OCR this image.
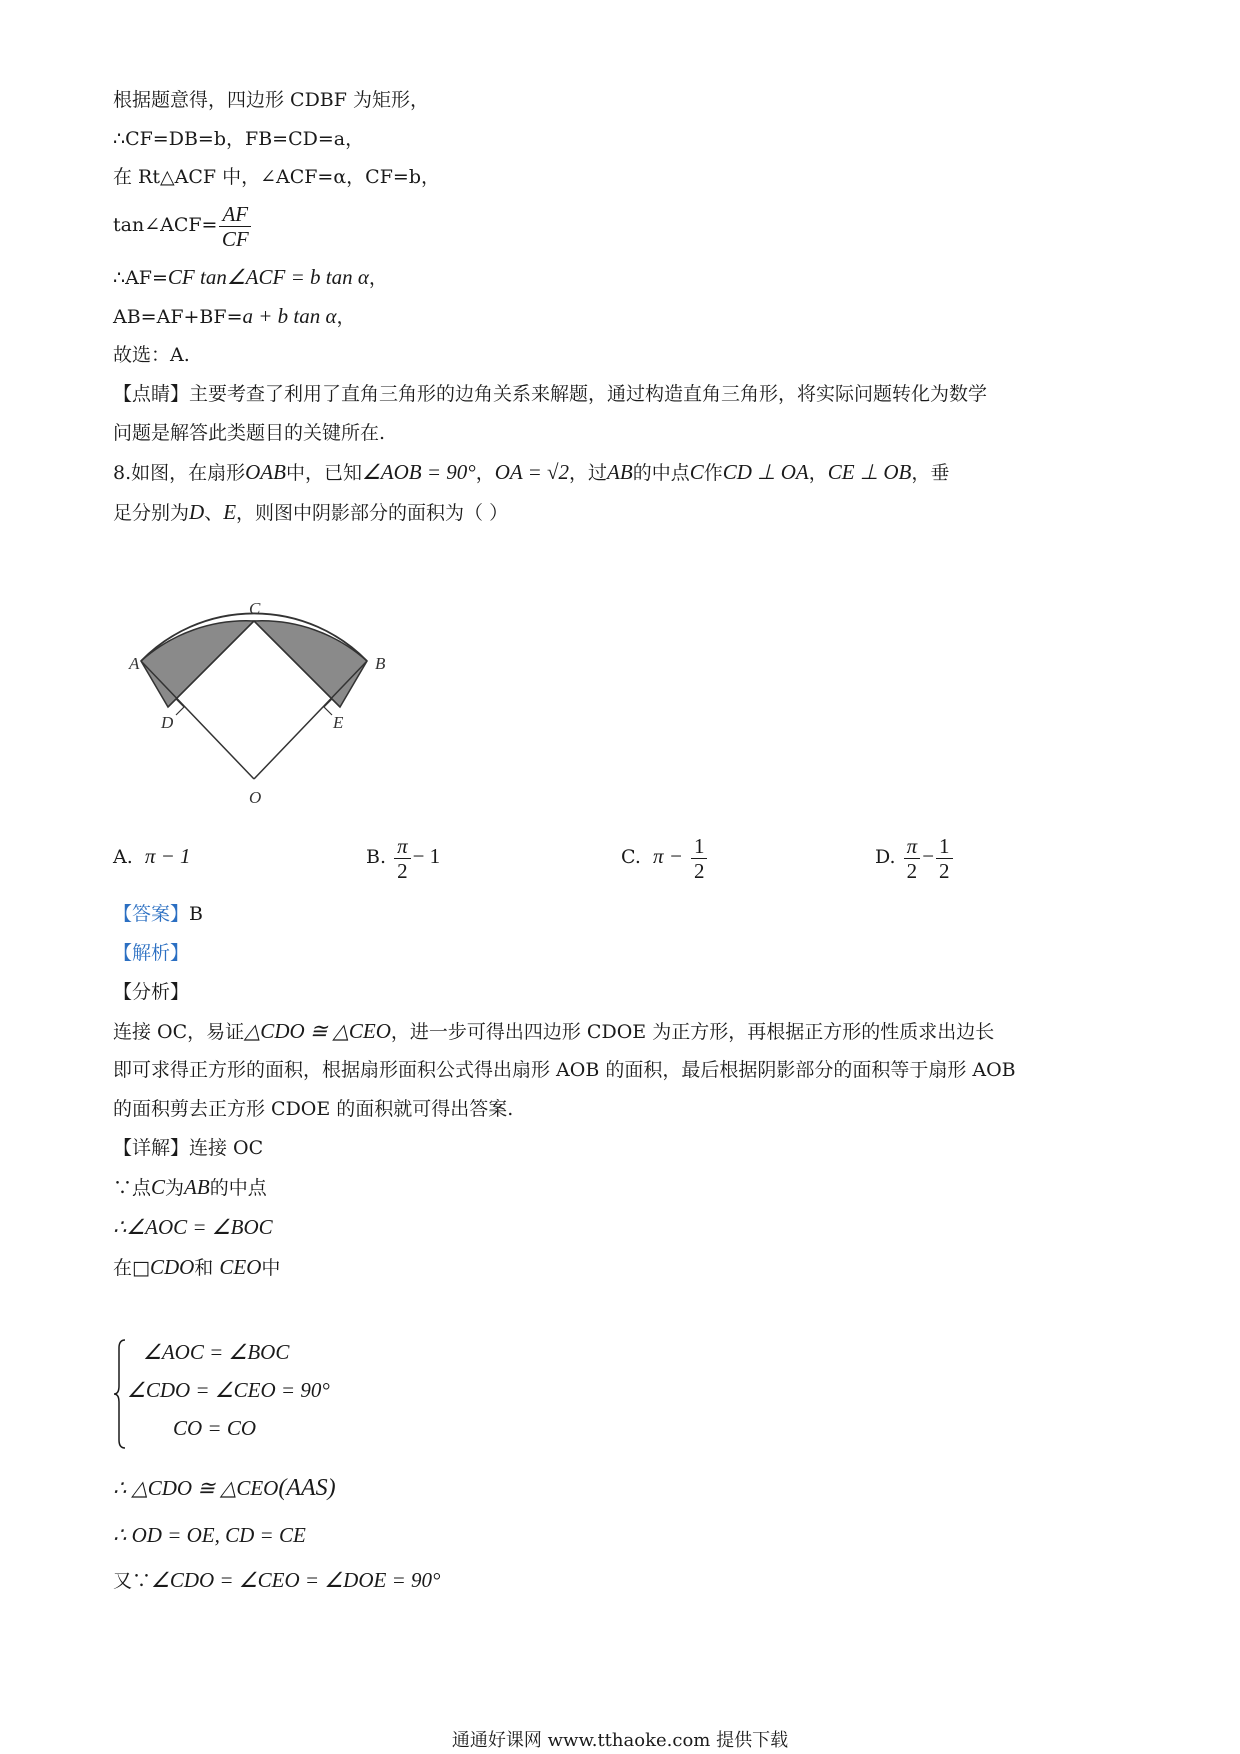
根据题意得，四边形 CDBF 为矩形，
∴CF=DB=b，FB=CD=a，
在 Rt△ACF 中，∠ACF=α，CF=b，
tan∠ACF= $\frac{AF}{CF}$
∴AF=CF tan∠ACF = b tan α，
AB=AF+BF=a + b tan α，
故选：A.
【点睛】主要考查了利用了直角三角形的边角关系来解题，通过构造直角三角形，将实际问题转化为数学
问题是解答此类题目的关键所在.
8.如图，在扇形OAB中，已知∠AOB = 90°，OA = √2，过AB的中点C作CD ⊥ OA，CE ⊥ OB，垂
足分别为D、E，则图中阴影部分的面积为（ ）
C
A	B
D	E
O
A. π − 1	B. $\frac{\pi}{2} - 1$	C. $\pi - \frac{1}{2}$	D. $\frac{\pi}{2} - \frac{1}{2}$
【答案】B
【解析】
【分析】
连接 OC，易证△CDO ≅ △CEO，进一步可得出四边形 CDOE 为正方形，再根据正方形的性质求出边长
即可求得正方形的面积，根据扇形面积公式得出扇形 AOB 的面积，最后根据阴影部分的面积等于扇形 AOB
的面积剪去正方形 CDOE 的面积就可得出答案.
【详解】连接 OC
∵点C为AB的中点
∴∠AOC = ∠BOC
在□CDO和 CEO中
∠AOC = ∠BOC
∠CDO = ∠CEO = 90°
CO = CO
∴ △CDO ≅ △CEO(AAS)
∴ OD = OE, CD = CE
又∵∠CDO = ∠CEO = ∠DOE = 90°
通通好课网 www.tthaoke.com 提供下载
